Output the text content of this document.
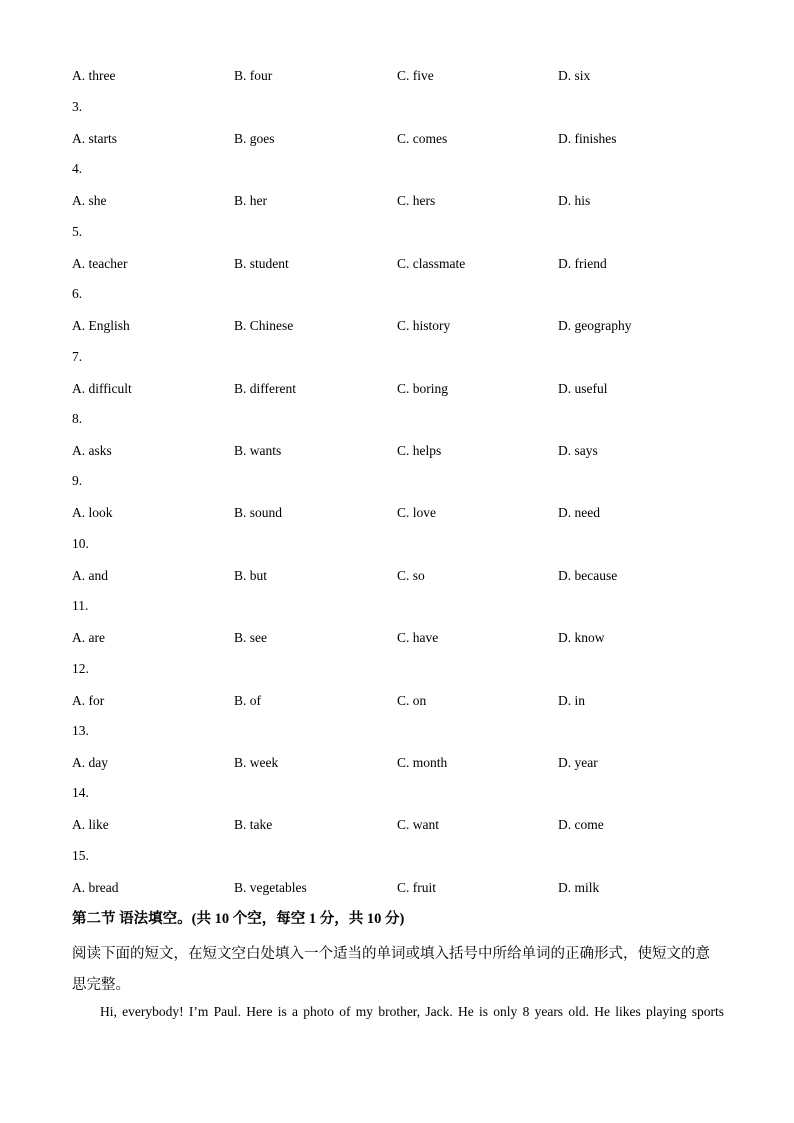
A. three	B. four	C. five	D. six
3.
A. starts	B. goes	C. comes	D. finishes
4.
A. she	B. her	C. hers	D. his
5.
A. teacher	B. student	C. classmate	D. friend
6.
A. English	B. Chinese	C. history	D. geography
7.
A. difficult	B. different	C. boring	D. useful
8.
A. asks	B. wants	C. helps	D. says
9.
A. look	B. sound	C. love	D. need
10.
A. and	B. but	C. so	D. because
11.
A. are	B. see	C. have	D. know
12.
A. for	B. of	C. on	D. in
13.
A. day	B. week	C. month	D. year
14.
A. like	B. take	C. want	D. come
15.
A. bread	B. vegetables	C. fruit	D. milk
第二节 语法填空。(共 10 个空，每空 1 分，共 10 分)
阅读下面的短文，在短文空白处填入一个适当的单词或填入括号中所给单词的正确形式，使短文的意思完整。
Hi, everybody! I’m Paul. Here is a photo of my brother, Jack. He is only 8 years old. He likes playing sports
